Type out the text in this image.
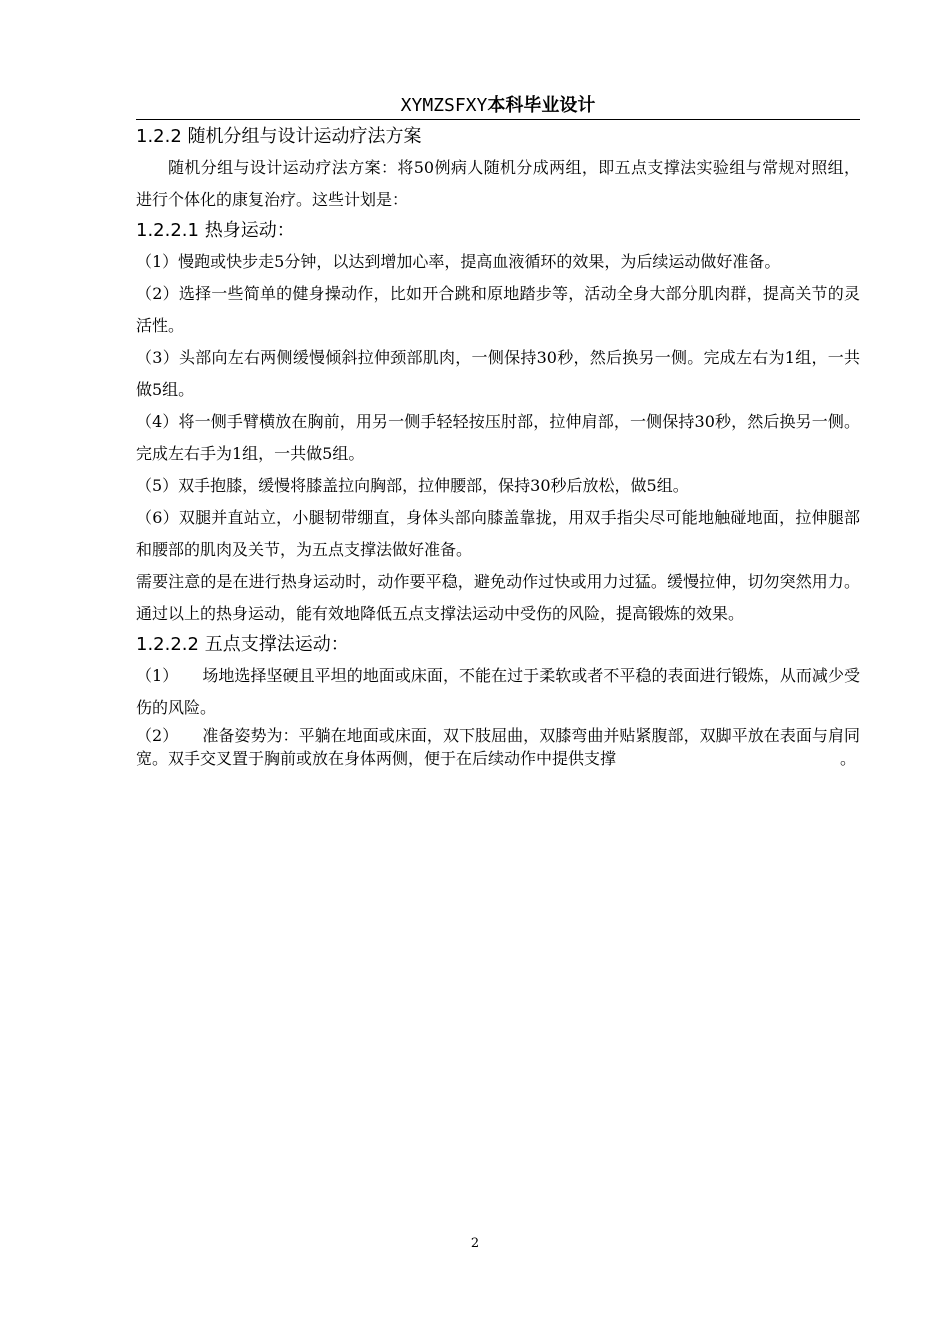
XYMZSFXY本科毕业设计

1.2.2 随机分组与设计运动疗法方案

随机分组与设计运动疗法方案：将50例病人随机分成两组，即五点支撑法实验组与常规对照组，进行个体化的康复治疗。这些计划是：

1.2.2.1 热身运动：

（1）慢跑或快步走5分钟，以达到增加心率，提高血液循环的效果，为后续运动做好准备。

（2）选择一些简单的健身操动作，比如开合跳和原地踏步等，活动全身大部分肌肉群，提高关节的灵活性。

（3）头部向左右两侧缓慢倾斜拉伸颈部肌肉，一侧保持30秒，然后换另一侧。完成左右为1组，一共做5组。

（4）将一侧手臂横放在胸前，用另一侧手轻轻按压肘部，拉伸肩部，一侧保持30秒，然后换另一侧。完成左右手为1组，一共做5组。

（5）双手抱膝，缓慢将膝盖拉向胸部，拉伸腰部，保持30秒后放松，做5组。

（6）双腿并直站立，小腿韧带绷直，身体头部向膝盖靠拢，用双手指尖尽可能地触碰地面，拉伸腿部和腰部的肌肉及关节，为五点支撑法做好准备。

需要注意的是在进行热身运动时，动作要平稳，避免动作过快或用力过猛。缓慢拉伸，切勿突然用力。通过以上的热身运动，能有效地降低五点支撑法运动中受伤的风险，提高锻炼的效果。

1.2.2.2 五点支撑法运动：

（1） 场地选择坚硬且平坦的地面或床面，不能在过于柔软或者不平稳的表面进行锻炼，从而减少受伤的风险。

（2） 准备姿势为：平躺在地面或床面，双下肢屈曲，双膝弯曲并贴紧腹部，双脚平放在表面与肩同宽。双手交叉置于胸前或放在身体两侧，便于在后续动作中提供支撑	。

2
